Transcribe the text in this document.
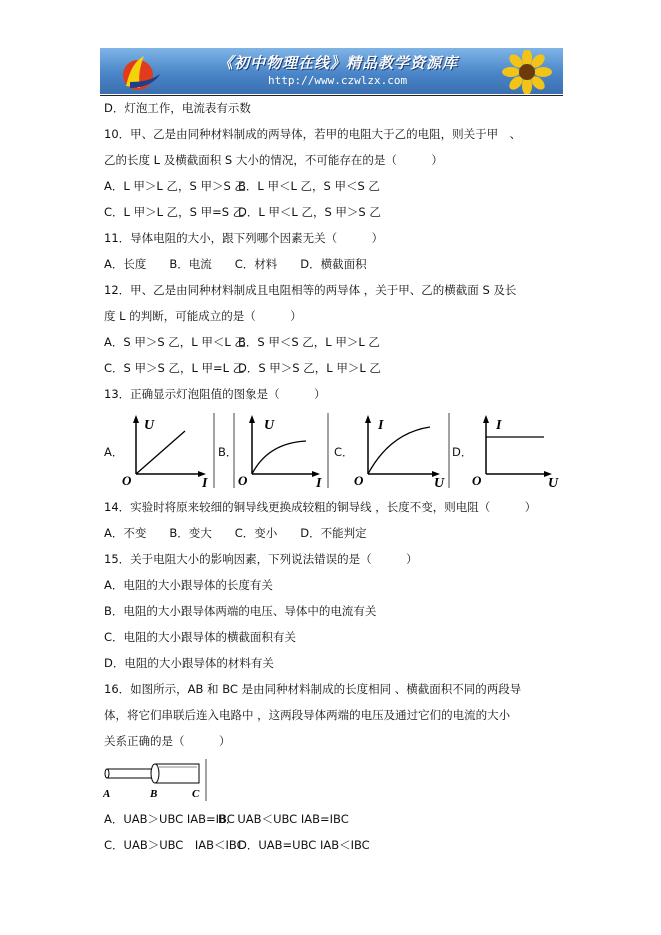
《初中物理在线》精品教学资源库
http://www.czwlzx.com
D．灯泡工作，电流表有示数
10．甲、乙是由同种材料制成的两导体，若甲的电阻大于乙的电阻，则关于甲　、
乙的长度 L 及横截面积 S 大小的情况，不可能存在的是（　　　）
A．L 甲＞L 乙，S 甲＞S 乙
B．L 甲＜L 乙，S 甲＜S 乙
C．L 甲＞L 乙，S 甲=S 乙
D．L 甲＜L 乙，S 甲＞S 乙
11．导体电阻的大小，跟下列哪个因素无关（　　　）
A．长度　　B．电流　　C．材料　　D．横截面积
12．甲、乙是由同种材料制成且电阻相等的两导体 ，关于甲、乙的横截面 S 及长
度 L 的判断，可能成立的是（　　　）
A．S 甲＞S 乙，L 甲＜L 乙
B．S 甲＜S 乙，L 甲＞L 乙
C．S 甲＞S 乙，L 甲=L 乙
D．S 甲＞S 乙，L 甲＞L 乙
13．正确显示灯泡阻值的图象是（　　　）
A．
U
I
O
B．
U
I
O
C．
I
U
O
D．
I
U
O
14．实验时将原来较细的铜导线更换成较粗的铜导线 ，长度不变，则电阻（　　　）
A．不变　　B．变大　　C．变小　　D．不能判定
15．关于电阻大小的影响因素，下列说法错误的是（　　　）
A．电阻的大小跟导体的长度有关
B．电阻的大小跟导体两端的电压、导体中的电流有关
C．电阻的大小跟导体的横截面积有关
D．电阻的大小跟导体的材料有关
16．如图所示，AB 和 BC 是由同种材料制成的长度相同 、横截面积不同的两段导
体，将它们串联后连入电路中 ，这两段导体两端的电压及通过它们的电流的大小
关系正确的是（　　　）
A	B	C
A．UAB＞UBC IAB=IBC
B．UAB＜UBC IAB=IBC
C．UAB＞UBC　IAB＜IBC
D．UAB=UBC IAB＜IBC
